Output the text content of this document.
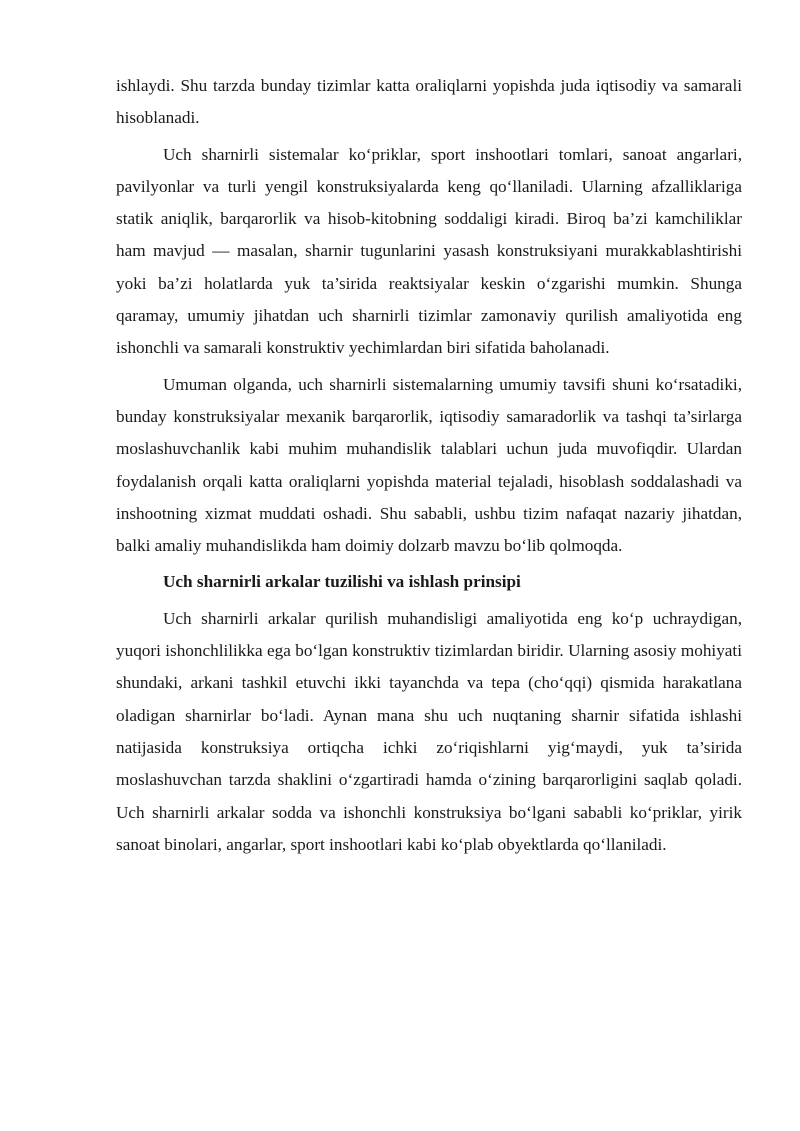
ishlaydi. Shu tarzda bunday tizimlar katta oraliqlarni yopishda juda iqtisodiy va samarali hisoblanadi.

Uch sharnirli sistemalar ko‘priklar, sport inshootlari tomlari, sanoat angarlari, pavilyonlar va turli yengil konstruksiyalarda keng qo‘llaniladi. Ularning afzalliklariga statik aniqlik, barqarorlik va hisob-kitobning soddaligi kiradi. Biroq ba’zi kamchiliklar ham mavjud — masalan, sharnir tugunlarini yasash konstruksiyani murakkablashtirishi yoki ba’zi holatlarda yuk ta’sirida reaktsiyalar keskin o‘zgarishi mumkin. Shunga qaramay, umumiy jihatdan uch sharnirli tizimlar zamonaviy qurilish amaliyotida eng ishonchli va samarali konstruktiv yechimlardan biri sifatida baholanadi.

Umuman olganda, uch sharnirli sistemalarning umumiy tavsifi shuni ko‘rsatadiki, bunday konstruksiyalar mexanik barqarorlik, iqtisodiy samaradorlik va tashqi ta’sirlarga moslashuvchanlik kabi muhim muhandislik talablari uchun juda muvofiqdir. Ulardan foydalanish orqali katta oraliqlarni yopishda material tejaladi, hisoblash soddalashadi va inshootning xizmat muddati oshadi. Shu sababli, ushbu tizim nafaqat nazariy jihatdan, balki amaliy muhandislikda ham doimiy dolzarb mavzu bo‘lib qolmoqda.

Uch sharnirli arkalar tuzilishi va ishlash prinsipi

Uch sharnirli arkalar qurilish muhandisligi amaliyotida eng ko‘p uchraydigan, yuqori ishonchlilikka ega bo‘lgan konstruktiv tizimlardan biridir. Ularning asosiy mohiyati shundaki, arkani tashkil etuvchi ikki tayanchda va tepa (cho‘qqi) qismida harakatlana oladigan sharnirlar bo‘ladi. Aynan mana shu uch nuqtaning sharnir sifatida ishlashi natijasida konstruksiya ortiqcha ichki zo‘riqishlarni yig‘maydi, yuk ta’sirida moslashuvchan tarzda shaklini o‘zgartiradi hamda o‘zining barqarorligini saqlab qoladi. Uch sharnirli arkalar sodda va ishonchli konstruksiya bo‘lgani sababli ko‘priklar, yirik sanoat binolari, angarlar, sport inshootlari kabi ko‘plab obyektlarda qo‘llaniladi.
